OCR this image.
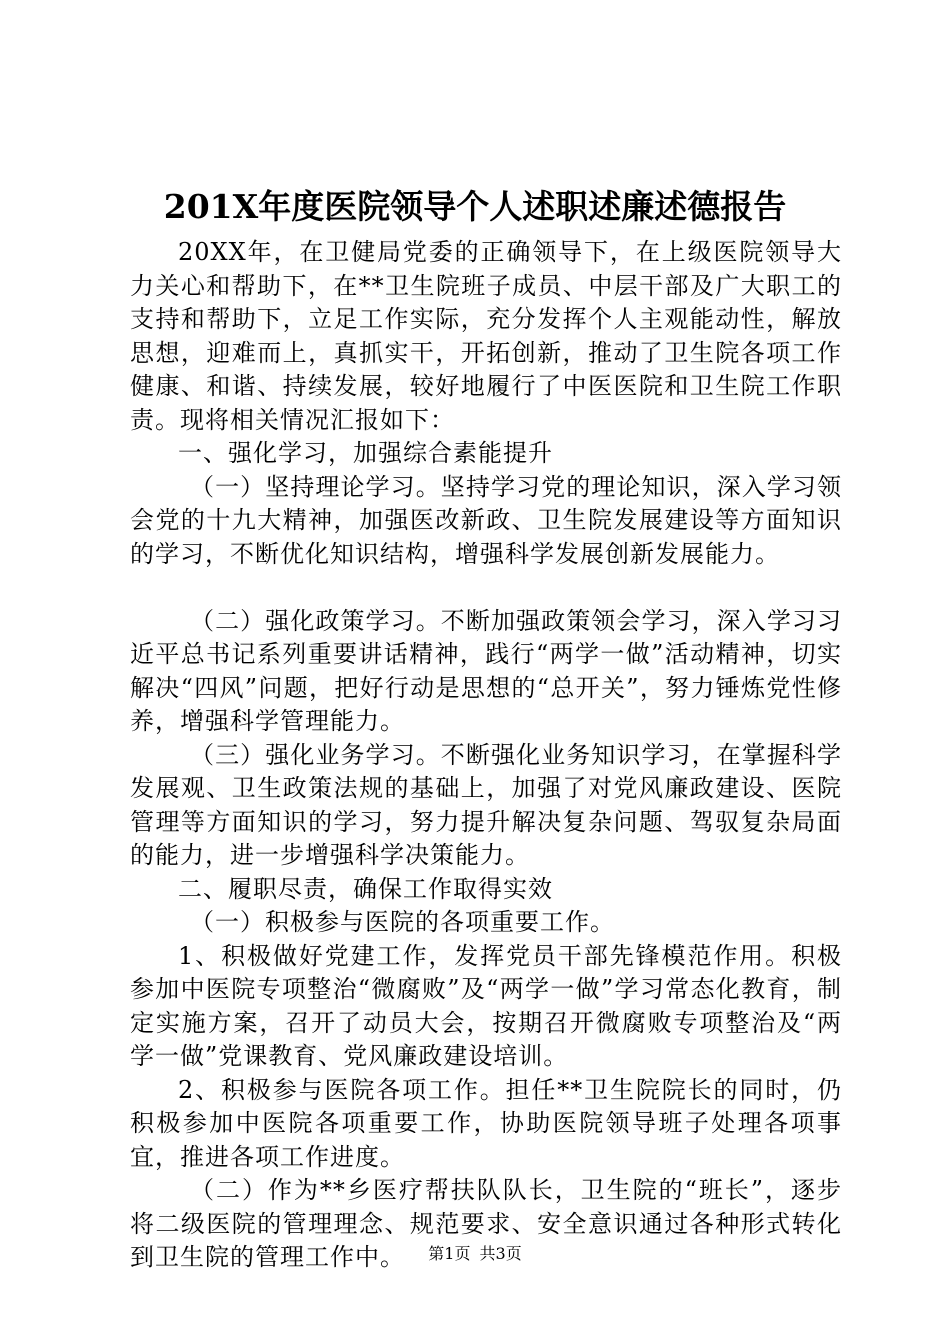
201X年度医院领导个人述职述廉述德报告

20XX年，在卫健局党委的正确领导下，在上级医院领导大力关心和帮助下，在**卫生院班子成员、中层干部及广大职工的支持和帮助下，立足工作实际，充分发挥个人主观能动性，解放思想，迎难而上，真抓实干，开拓创新，推动了卫生院各项工作健康、和谐、持续发展，较好地履行了中医医院和卫生院工作职责。现将相关情况汇报如下：

一、强化学习，加强综合素能提升

（一）坚持理论学习。坚持学习党的理论知识，深入学习领会党的十九大精神，加强医改新政、卫生院发展建设等方面知识的学习，不断优化知识结构，增强科学发展创新发展能力。

（二）强化政策学习。不断加强政策领会学习，深入学习习近平总书记系列重要讲话精神，践行“两学一做”活动精神，切实解决“四风”问题，把好行动是思想的“总开关”，努力锤炼党性修养，增强科学管理能力。

（三）强化业务学习。不断强化业务知识学习，在掌握科学发展观、卫生政策法规的基础上，加强了对党风廉政建设、医院管理等方面知识的学习，努力提升解决复杂问题、驾驭复杂局面的能力，进一步增强科学决策能力。

二、履职尽责，确保工作取得实效

（一）积极参与医院的各项重要工作。

1、积极做好党建工作，发挥党员干部先锋模范作用。积极参加中医院专项整治“微腐败”及“两学一做”学习常态化教育，制定实施方案，召开了动员大会，按期召开微腐败专项整治及“两学一做”党课教育、党风廉政建设培训。

2、积极参与医院各项工作。担任**卫生院院长的同时，仍积极参加中医院各项重要工作，协助医院领导班子处理各项事宜，推进各项工作进度。

（二）作为**乡医疗帮扶队队长，卫生院的“班长”，逐步将二级医院的管理理念、规范要求、安全意识通过各种形式转化到卫生院的管理工作中。	第1页 共3页
